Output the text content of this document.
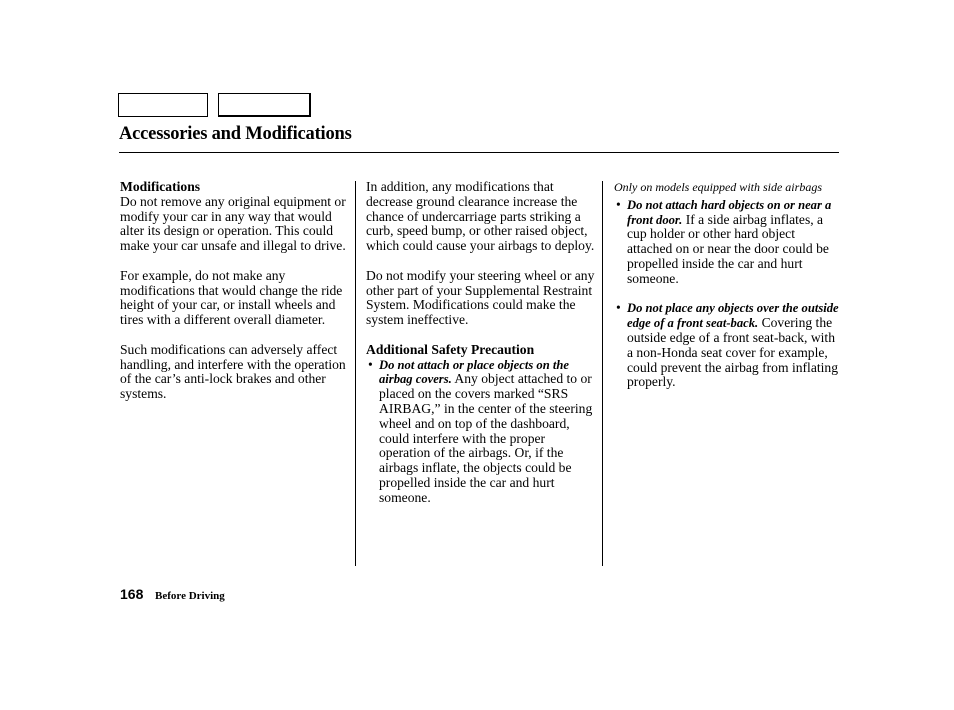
Accessories and Modifications
Modifications

Do not remove any original equipment or modify your car in any way that would alter its design or operation. This could make your car unsafe and illegal to drive.

For example, do not make any modifications that would change the ride height of your car, or install wheels and tires with a different overall diameter.

Such modifications can adversely affect handling, and interfere with the operation of the car’s anti-lock brakes and other systems.

In addition, any modifications that decrease ground clearance increase the chance of undercarriage parts striking a curb, speed bump, or other raised object, which could cause your airbags to deploy.

Do not modify your steering wheel or any other part of your Supplemental Restraint System. Modifications could make the system ineffective.

Additional Safety Precaution
• Do not attach or place objects on the airbag covers. Any object attached to or placed on the covers marked “SRS AIRBAG,” in the center of the steering wheel and on top of the dashboard, could interfere with the proper operation of the airbags. Or, if the airbags inflate, the objects could be propelled inside the car and hurt someone.
Only on models equipped with side airbags
• Do not attach hard objects on or near a front door. If a side airbag inflates, a cup holder or other hard object attached on or near the door could be propelled inside the car and hurt someone.
• Do not place any objects over the outside edge of a front seat-back. Covering the outside edge of a front seat-back, with a non-Honda seat cover for example, could prevent the airbag from inflating properly.
168 Before Driving
